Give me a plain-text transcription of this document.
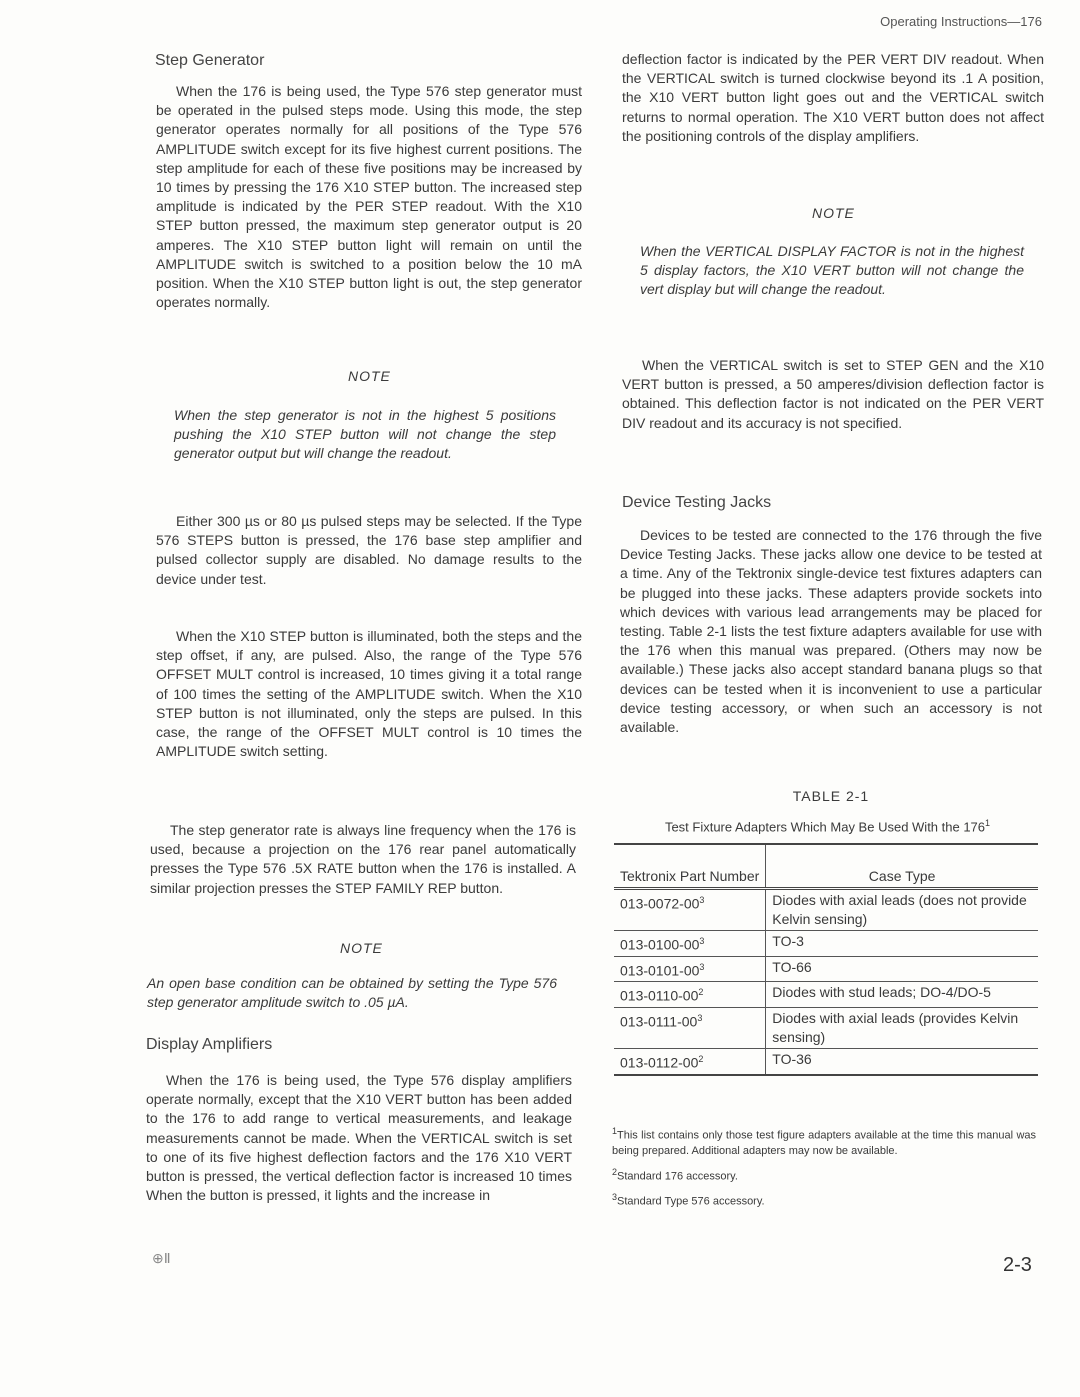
Operating Instructions—176
Step Generator

When the 176 is being used, the Type 576 step generator must be operated in the pulsed steps mode. Using this mode, the step generator operates normally for all positions of the Type 576 AMPLITUDE switch except for its five highest current positions. The step amplitude for each of these five positions may be increased by 10 times by pressing the 176 X10 STEP button. The increased step amplitude is indicated by the PER STEP readout. With the X10 STEP button pressed, the maximum step generator output is 20 amperes. The X10 STEP button light will remain on until the AMPLITUDE switch is switched to a position below the 10 mA position. When the X10 STEP button light is out, the step generator operates normally.

NOTE

When the step generator is not in the highest 5 positions pushing the X10 STEP button will not change the step generator output but will change the readout.

Either 300 µs or 80 µs pulsed steps may be selected. If the Type 576 STEPS button is pressed, the 176 base step amplifier and pulsed collector supply are disabled. No damage results to the device under test.

When the X10 STEP button is illuminated, both the steps and the step offset, if any, are pulsed. Also, the range of the Type 576 OFFSET MULT control is increased, 10 times giving it a total range of 100 times the setting of the AMPLITUDE switch. When the X10 STEP button is not illuminated, only the steps are pulsed. In this case, the range of the OFFSET MULT control is 10 times the AMPLITUDE switch setting.

The step generator rate is always line frequency when the 176 is used, because a projection on the 176 rear panel automatically presses the Type 576 .5X RATE button when the 176 is installed. A similar projection presses the STEP FAMILY REP button.

NOTE

An open base condition can be obtained by setting the Type 576 step generator amplitude switch to .05 µA.

Display Amplifiers

When the 176 is being used, the Type 576 display amplifiers operate normally, except that the X10 VERT button has been added to the 176 to add range to vertical measurements, and leakage measurements cannot be made. When the VERTICAL switch is set to one of its five highest deflection factors and the 176 X10 VERT button is pressed, the vertical deflection factor is increased 10 times When the button is pressed, it lights and the increase in

⊕Ⅱ

deflection factor is indicated by the PER VERT DIV readout. When the VERTICAL switch is turned clockwise beyond its .1 A position, the X10 VERT button light goes out and the VERTICAL switch returns to normal operation. The X10 VERT button does not affect the positioning controls of the display amplifiers.

NOTE

When the VERTICAL DISPLAY FACTOR is not in the highest 5 display factors, the X10 VERT button will not change the vert display but will change the readout.

When the VERTICAL switch is set to STEP GEN and the X10 VERT button is pressed, a 50 amperes/division deflection factor is obtained. This deflection factor is not indicated on the PER VERT DIV readout and its accuracy is not specified.

Device Testing Jacks

Devices to be tested are connected to the 176 through the five Device Testing Jacks. These jacks allow one device to be tested at a time. Any of the Tektronix single-device test fixtures adapters can be plugged into these jacks. These adapters provide sockets into which devices with various lead arrangements may be placed for testing. Table 2-1 lists the test fixture adapters available for use with the 176 when this manual was prepared. (Others may now be available.) These jacks also accept standard banana plugs so that devices can be tested when it is inconvenient to use a particular device testing accessory, or when such an accessory is not available.

TABLE 2-1
Test Fixture Adapters Which May Be Used With the $176^1$
Tektronix Part Number	Case Type
$013-0072-00^3$	Diodes with axial leads (does not provide Kelvin sensing)
$013-0100-00^3$	TO-3
$013-0101-00^3$	TO-66
$013-0110-00^2$	Diodes with stud leads; DO-4/DO-5
$013-0111-00^3$	Diodes with axial leads (provides Kelvin sensing)
$013-0112-00^2$	TO-36

$^1$This list contains only those test figure adapters available at the time this manual was being prepared. Additional adapters may now be available.

$^2$Standard 176 accessory.

$^3$Standard Type 576 accessory.

2-3
